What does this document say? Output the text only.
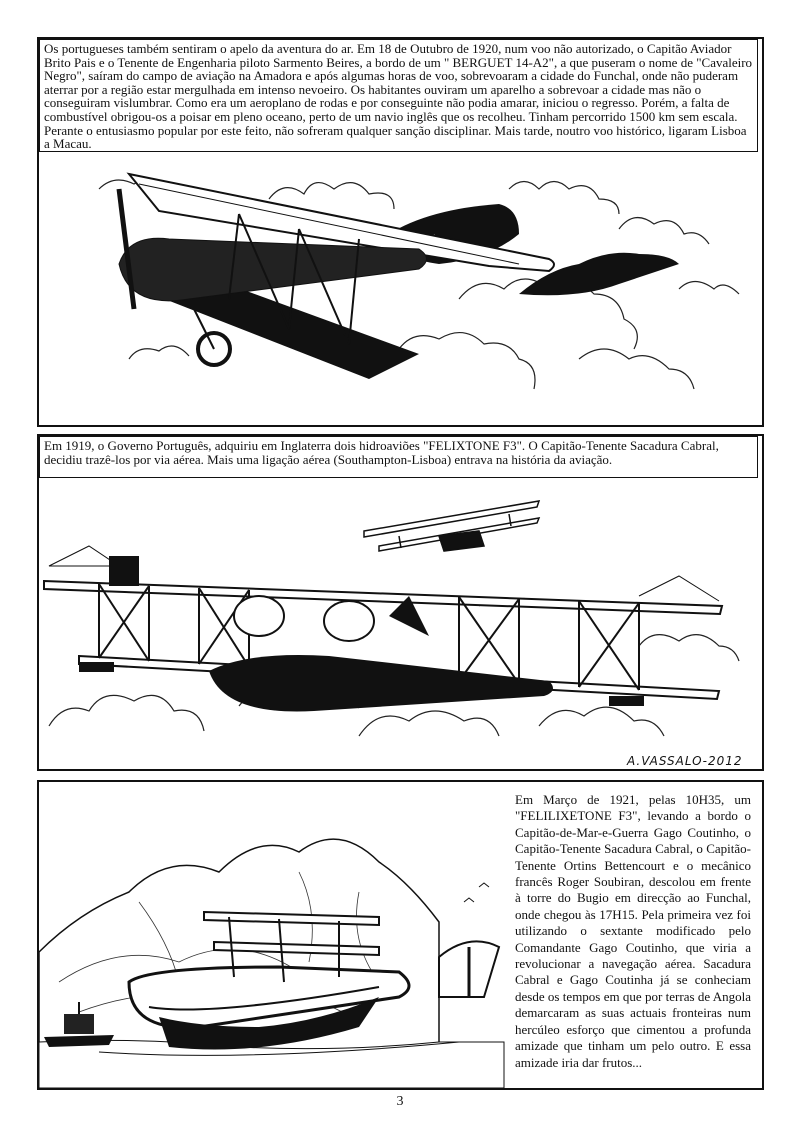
Os portugueses também sentiram o apelo da aventura do ar. Em 18 de Outubro de 1920, num voo não autorizado, o Capitão Aviador Brito Pais e o Tenente de Engenharia piloto Sarmento Beires, a bordo de um " BERGUET 14-A2", a que puseram o nome de "Cavaleiro Negro", saíram do campo de aviação na Amadora e após algumas horas de voo, sobrevoaram a cidade do Funchal, onde não puderam aterrar por a região estar mergulhada em intenso nevoeiro. Os habitantes ouviram um aparelho a sobrevoar a cidade mas não o conseguiram vislumbrar. Como era um aeroplano de rodas e por conseguinte não podia amarar, iniciou o regresso. Porém, a falta de combustível obrigou-os a poisar em pleno oceano, perto de um navio inglês que os recolheu. Tinham percorrido 1500 km sem escala. Perante o entusiasmo popular por este feito, não sofreram qualquer sanção disciplinar. Mais tarde, noutro voo histórico, ligaram Lisboa a Macau.
Em 1919, o Governo Português, adquiriu em Inglaterra dois hidroaviões "FELIXTONE F3". O Capitão-Tenente Sacadura Cabral, decidiu trazê-los por via aérea. Mais uma ligação aérea (Southampton-Lisboa) entrava na história da aviação.
A.VASSALO-2012
Em Março de 1921, pelas 10H35, um "FELILIXETONE F3", levando a bordo o Capitão-de-Mar-e-Guerra Gago Coutinho, o Capitão-Tenente Sacadura Cabral, o Capitão-Tenente Ortins Bettencourt e o mecânico francês Roger Soubiran, descolou em frente à torre do Bugio em direcção ao Funchal, onde chegou às 17H15. Pela primeira vez foi utilizando o sextante modificado pelo Comandante Gago Coutinho, que viria a revolucionar a navegação aérea. Sacadura Cabral e Gago Coutinha já se conheciam desde os tempos em que por terras de Angola demarcaram as suas actuais fronteiras num hercúleo esforço que cimentou a profunda amizade que tinham um pelo outro. E essa amizade iria dar frutos...
3
